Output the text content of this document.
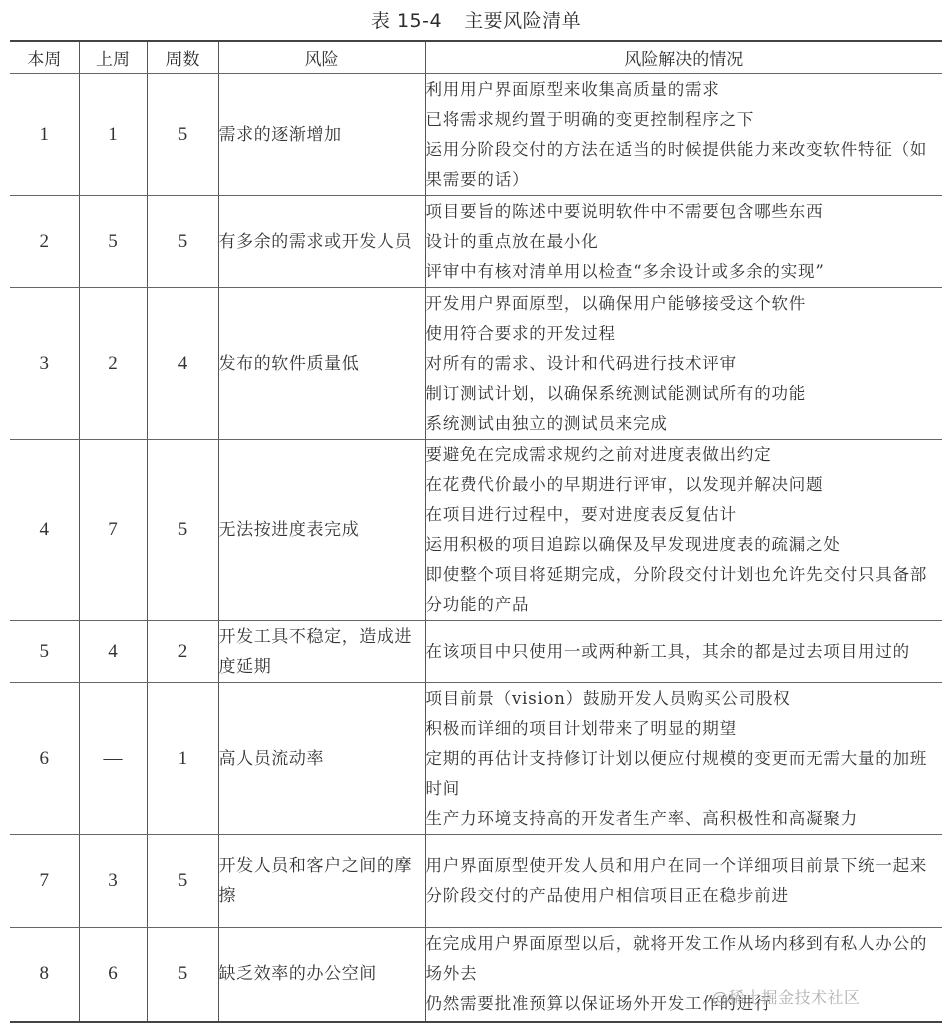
表 15-4 主要风险清单
本周	上周	周数	风险	风险解决的情况
1	1	5	需求的逐渐增加	利用用户界面原型来收集高质量的需求
已将需求规约置于明确的变更控制程序之下
运用分阶段交付的方法在适当的时候提供能力来改变软件特征（如果需要的话）

2	5	5	有多余的需求或开发人员	项目要旨的陈述中要说明软件中不需要包含哪些东西
设计的重点放在最小化
评审中有核对清单用以检查“多余设计或多余的实现”

3	2	4	发布的软件质量低	开发用户界面原型，以确保用户能够接受这个软件
使用符合要求的开发过程
对所有的需求、设计和代码进行技术评审
制订测试计划，以确保系统测试能测试所有的功能
系统测试由独立的测试员来完成

4	7	5	无法按进度表完成	要避免在完成需求规约之前对进度表做出约定
在花费代价最小的早期进行评审，以发现并解决问题
在项目进行过程中，要对进度表反复估计
运用积极的项目追踪以确保及早发现进度表的疏漏之处
即使整个项目将延期完成，分阶段交付计划也允许先交付只具备部分功能的产品

5	4	2	开发工具不稳定，造成进度延期	在该项目中只使用一或两种新工具，其余的都是过去项目用过的

6	—	1	高人员流动率	项目前景（vision）鼓励开发人员购买公司股权
积极而详细的项目计划带来了明显的期望
定期的再估计支持修订计划以便应付规模的变更而无需大量的加班时间
生产力环境支持高的开发者生产率、高积极性和高凝聚力

7	3	5	开发人员和客户之间的摩擦	用户界面原型使开发人员和用户在同一个详细项目前景下统一起来
分阶段交付的产品使用户相信项目正在稳步前进

8	6	5	缺乏效率的办公空间	在完成用户界面原型以后，就将开发工作从场内移到有私人办公的场外去
仍然需要批准预算以保证场外开发工作的进行
@稀土掘金技术社区
